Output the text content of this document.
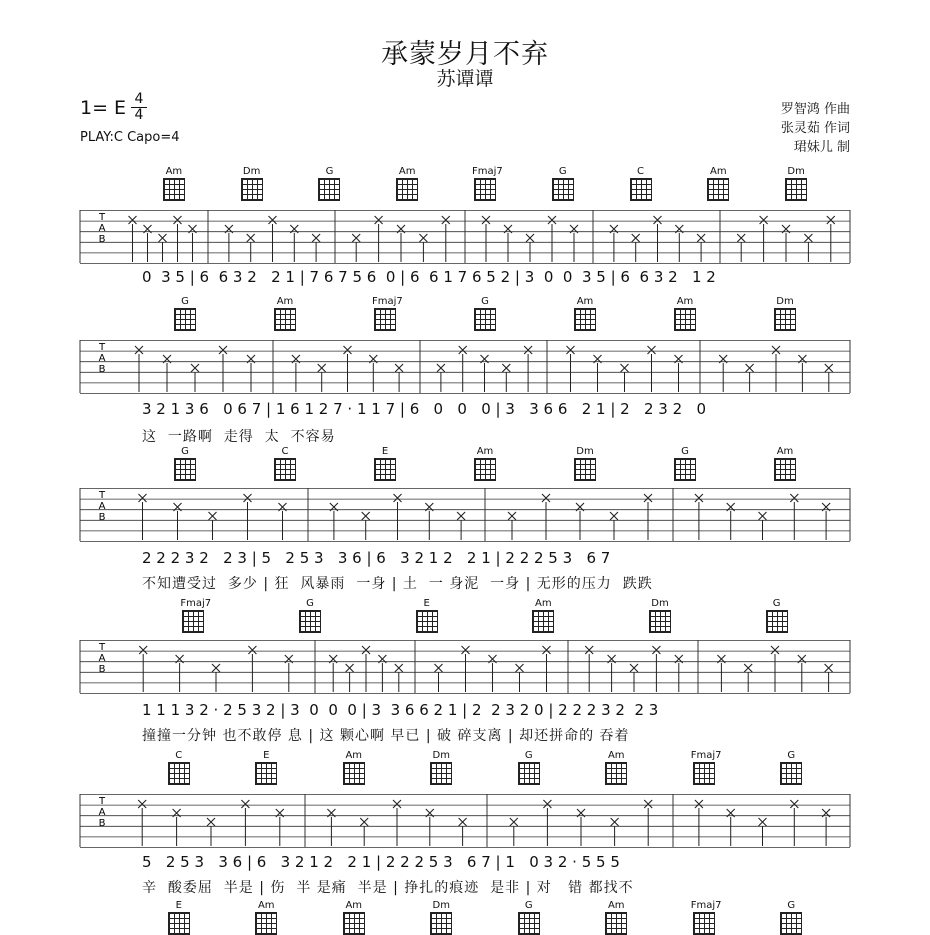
承蒙岁月不弃
苏谭谭
1= E 4
4
PLAY:C Capo=4
罗智鸿 作曲
张灵茹 作词
珺妹儿 制
T
A
B
Am	Dm	G	Am	Fmaj7	G	C	Am	Dm
0  3 5 | 6  6 3 2   2 1 | 7 6 7 5 6  0 | 6  6 1 7 6 5 2 | 3  0  0  3 5 | 6  6 3 2   1 2
T
A
B
G	Am	Fmaj7	G	Am	Am	Dm
3 2 1 3 6   0 6 7 | 1 6 1 2 7 · 1 1 7 | 6   0   0   0 | 3   3 6 6   2 1 | 2   2 3 2   0
这  一路啊  走得  太  不容易
T
A
B
G	C	E	Am	Dm	G	Am
2 2 2 3 2   2 3 | 5   2 5 3   3 6 | 6   3 2 1 2   2 1 | 2 2 2 5 3   6 7
不知遭受过  多少 | 狂  风暴雨  一身 | 土  一 身泥  一身 | 无形的压力  跌跌
T
A
B
Fmaj7	G	E	Am	Dm	G
1 1 1 3 2 · 2 5 3 2 | 3  0  0  0 | 3  3 6 6 2 1 | 2  2 3 2 0 | 2 2 2 3 2  2 3
撞撞一分钟 也不敢停 息 | 这 颗心啊 早已 | 破 碎支离 | 却还拼命的 吞着
T
A
B
C	E	Am	Dm	G	Am	Fmaj7	G
5   2 5 3   3 6 | 6   3 2 1 2   2 1 | 2 2 2 5 3   6 7 | 1   0 3 2 · 5 5 5
辛  酸委屈  半是 | 伤  半 是痛  半是 | 挣扎的痕迹  是非 | 对   错 都找不
E	Am	Am	Dm	G	Am	Fmaj7	G
